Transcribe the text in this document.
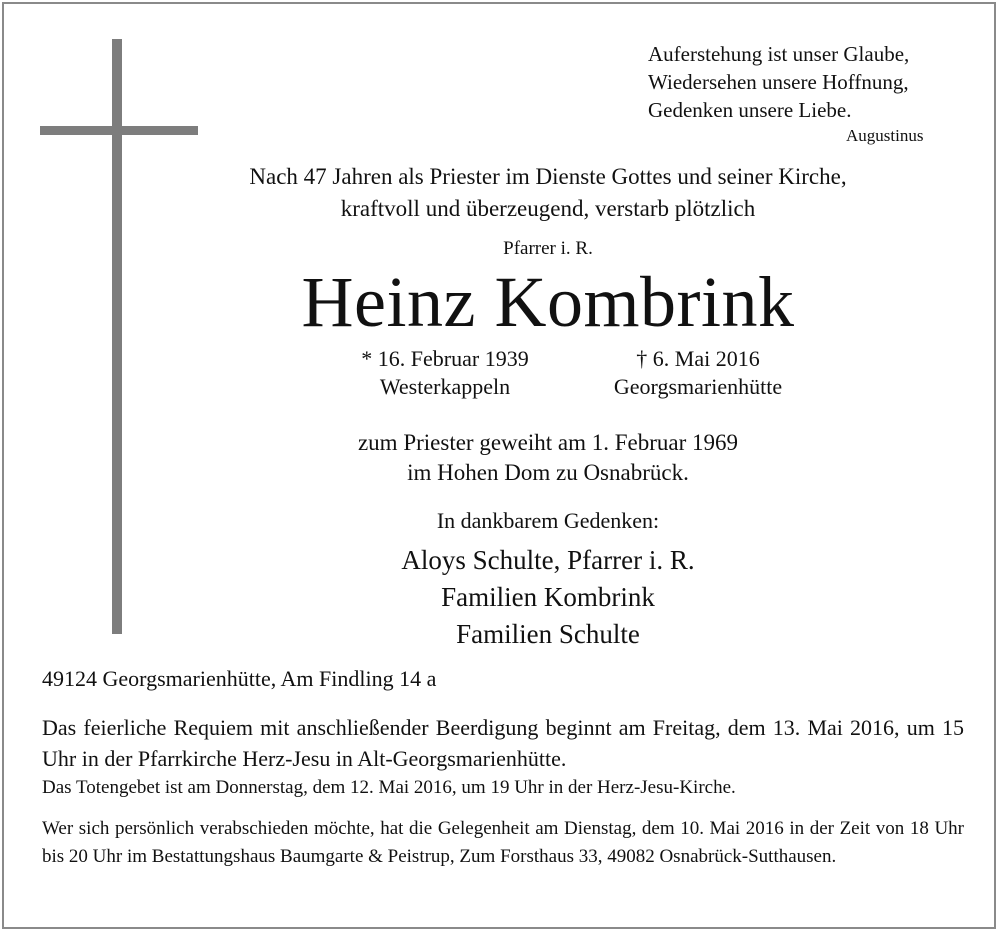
Auferstehung ist unser Glaube,
Wiedersehen unsere Hoffnung,
Gedenken unsere Liebe.
Augustinus
Nach 47 Jahren als Priester im Dienste Gottes und seiner Kirche,
kraftvoll und überzeugend, verstarb plötzlich
Pfarrer i. R.
Heinz Kombrink
* 16. Februar 1939
Westerkappeln
† 6. Mai 2016
Georgsmarienhütte
zum Priester geweiht am 1. Februar 1969
im Hohen Dom zu Osnabrück.
In dankbarem Gedenken:
Aloys Schulte, Pfarrer i. R.
Familien Kombrink
Familien Schulte
49124 Georgsmarienhütte, Am Findling 14 a
Das feierliche Requiem mit anschließender Beerdigung beginnt am Freitag, dem 13. Mai 2016, um 15 Uhr in der Pfarrkirche Herz-Jesu in Alt-Georgsmarienhütte.
Das Totengebet ist am Donnerstag, dem 12. Mai 2016, um 19 Uhr in der Herz-Jesu-Kirche.
Wer sich persönlich verabschieden möchte, hat die Gelegenheit am Dienstag, dem 10. Mai 2016 in der Zeit von 18 Uhr bis 20 Uhr im Bestattungshaus Baumgarte & Peistrup, Zum Forsthaus 33, 49082 Osnabrück-Sutthausen.
